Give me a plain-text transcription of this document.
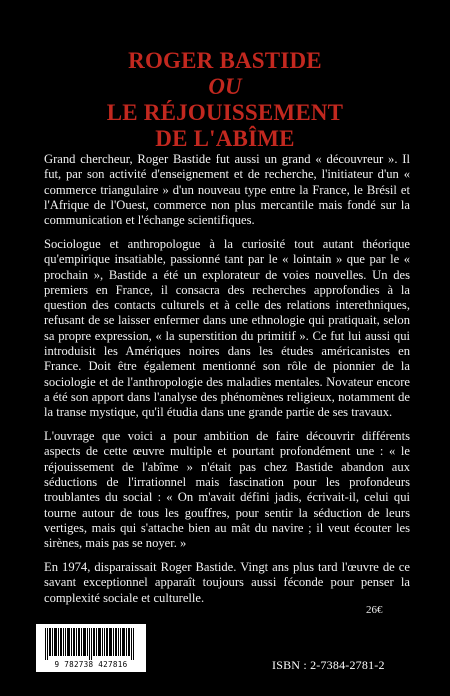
ROGER BASTIDE
OU
LE RÉJOUISSEMENT
DE L'ABÎME

Grand chercheur, Roger Bastide fut aussi un grand « découvreur ». Il fut, par son activité d'enseignement et de recherche, l'initiateur d'un « commerce triangulaire » d'un nouveau type entre la France, le Brésil et l'Afrique de l'Ouest, commerce non plus mercantile mais fondé sur la communication et l'échange scientifiques.

Sociologue et anthropologue à la curiosité tout autant théorique qu'empirique insatiable, passionné tant par le « lointain » que par le « prochain », Bastide a été un explorateur de voies nouvelles. Un des premiers en France, il consacra des recherches approfondies à la question des contacts culturels et à celle des relations interethniques, refusant de se laisser enfermer dans une ethnologie qui pratiquait, selon sa propre expression, « la superstition du primitif ». Ce fut lui aussi qui introduisit les Amériques noires dans les études américanistes en France. Doit être également mentionné son rôle de pionnier de la sociologie et de l'anthropologie des maladies mentales. Novateur encore a été son apport dans l'analyse des phénomènes religieux, notamment de la transe mystique, qu'il étudia dans une grande partie de ses travaux.

L'ouvrage que voici a pour ambition de faire découvrir différents aspects de cette œuvre multiple et pourtant profondément une : « le réjouissement de l'abîme » n'était pas chez Bastide abandon aux séductions de l'irrationnel mais fascination pour les profondeurs troublantes du social : « On m'avait défini jadis, écrivait-il, celui qui tourne autour de tous les gouffres, pour sentir la séduction de leurs vertiges, mais qui s'attache bien au mât du navire ; il veut écouter les sirènes, mais pas se noyer. »

En 1974, disparaissait Roger Bastide. Vingt ans plus tard l'œuvre de ce savant exceptionnel apparaît toujours aussi féconde pour penser la complexité sociale et culturelle.

26€
9 782738 427816	ISBN : 2-7384-2781-2
